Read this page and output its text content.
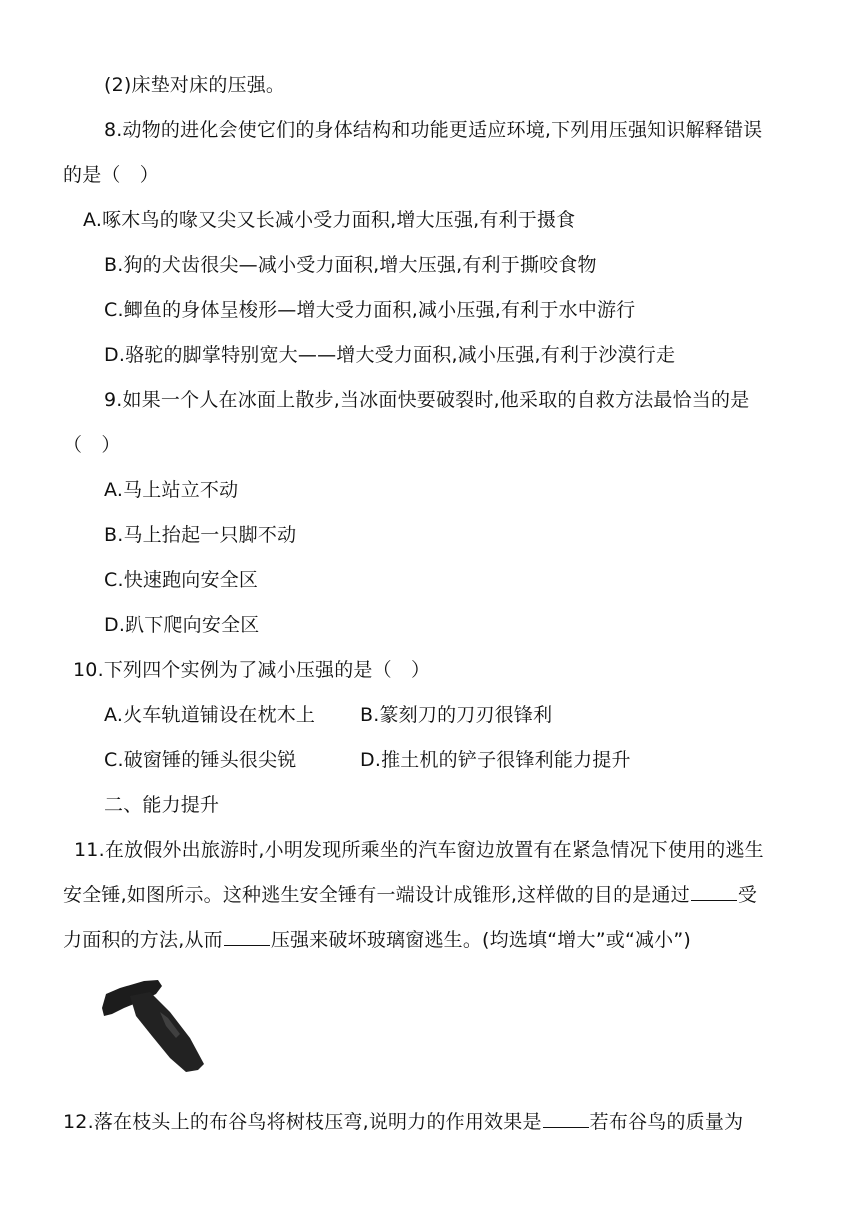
(2)床垫对床的压强。
8.动物的进化会使它们的身体结构和功能更适应环境,下列用压强知识解释错误
的是（　）
A.啄木鸟的喙又尖又长减小受力面积,增大压强,有利于摄食
B.狗的犬齿很尖—减小受力面积,增大压强,有利于撕咬食物
C.鲫鱼的身体呈梭形—增大受力面积,减小压强,有利于水中游行
D.骆驼的脚掌特别宽大——增大受力面积,减小压强,有利于沙漠行走
9.如果一个人在冰面上散步,当冰面快要破裂时,他采取的自救方法最恰当的是
（　）
A.马上站立不动
B.马上抬起一只脚不动
C.快速跑向安全区
D.趴下爬向安全区
10.下列四个实例为了减小压强的是（　）
A.火车轨道铺设在枕木上 B.篆刻刀的刀刃很锋利
C.破窗锤的锤头很尖锐	D.推土机的铲子很锋利能力提升
二、能力提升
11.在放假外出旅游时,小明发现所乘坐的汽车窗边放置有在紧急情况下使用的逃生
安全锤,如图所示。这种逃生安全锤有一端设计成锥形,这样做的目的是通过	受
力面积的方法,从而	压强来破坏玻璃窗逃生。(均选填“增大”或“减小”)
12.落在枝头上的布谷鸟将树枝压弯,说明力的作用效果是	若布谷鸟的质量为
